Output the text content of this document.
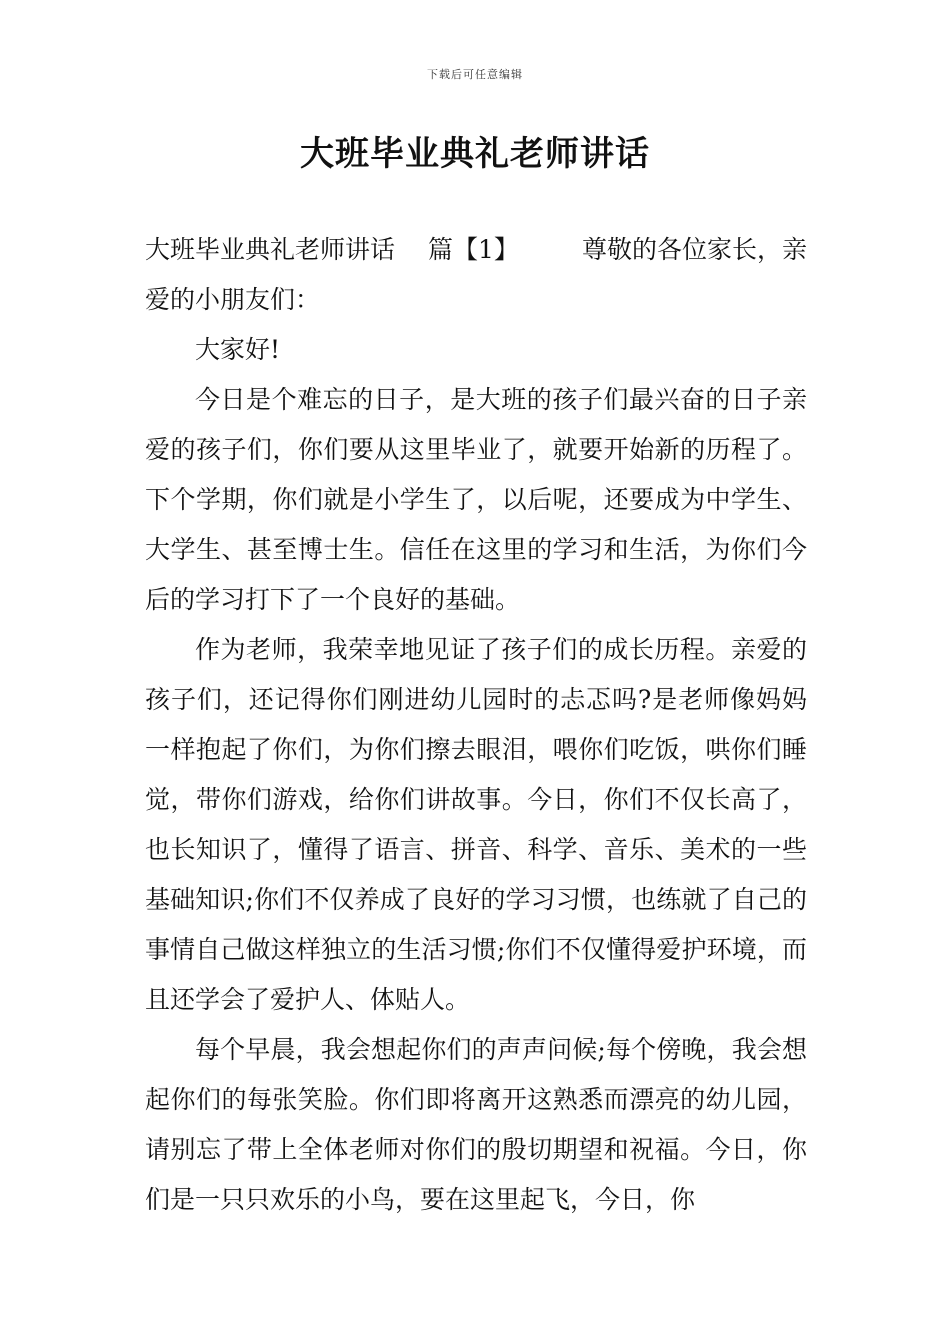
下载后可任意编辑
大班毕业典礼老师讲话
大班毕业典礼老师讲话　 篇【1】	尊敬的各位家长，亲

爱的小朋友们：

大家好!

今日是个难忘的日子，是大班的孩子们最兴奋的日子亲爱的孩子们，你们要从这里毕业了，就要开始新的历程了。下个学期，你们就是小学生了，以后呢，还要成为中学生、大学生、甚至博士生。信任在这里的学习和生活，为你们今后的学习打下了一个良好的基础。

作为老师，我荣幸地见证了孩子们的成长历程。亲爱的孩子们，还记得你们刚进幼儿园时的忐忑吗?是老师像妈妈一样抱起了你们，为你们擦去眼泪，喂你们吃饭，哄你们睡觉，带你们游戏，给你们讲故事。今日，你们不仅长高了，也长知识了，懂得了语言、拼音、科学、音乐、美术的一些基础知识;你们不仅养成了良好的学习习惯，也练就了自己的事情自己做这样独立的生活习惯;你们不仅懂得爱护环境，而且还学会了爱护人、体贴人。

每个早晨，我会想起你们的声声问候;每个傍晚，我会想起你们的每张笑脸。你们即将离开这熟悉而漂亮的幼儿园，请别忘了带上全体老师对你们的殷切期望和祝福。今日，你们是一只只欢乐的小鸟，要在这里起飞，今日，你
